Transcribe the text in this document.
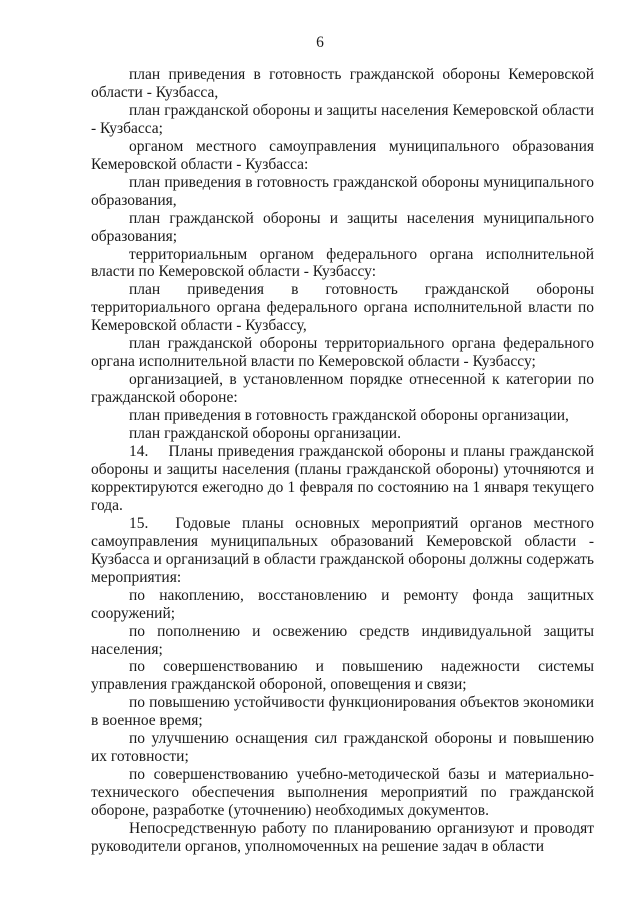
6

план приведения в готовность гражданской обороны Кемеровской области - Кузбасса,

план гражданской обороны и защиты населения Кемеровской области - Кузбасса;

органом местного самоуправления муниципального образования Кемеровской области - Кузбасса:

план приведения в готовность гражданской обороны муниципального образования,

план гражданской обороны и защиты населения муниципального образования;

территориальным органом федерального органа исполнительной власти по Кемеровской области - Кузбассу:

план приведения в готовность гражданской обороны территориального органа федерального органа исполнительной власти по Кемеровской области - Кузбассу,

план гражданской обороны территориального органа федерального органа исполнительной власти по Кемеровской области - Кузбассу;

организацией, в установленном порядке отнесенной к категории по гражданской обороне:

план приведения в готовность гражданской обороны организации,

план гражданской обороны организации.

14.  Планы приведения гражданской обороны и планы гражданской обороны и защиты населения (планы гражданской обороны) уточняются и корректируются ежегодно до 1 февраля по состоянию на 1 января текущего года.

15.  Годовые планы основных мероприятий органов местного самоуправления муниципальных образований Кемеровской области - Кузбасса и организаций в области гражданской обороны должны содержать мероприятия:

по накоплению, восстановлению и ремонту фонда защитных сооружений;

по пополнению и освежению средств индивидуальной защиты населения;

по совершенствованию и повышению надежности системы управления гражданской обороной, оповещения и связи;

по повышению устойчивости функционирования объектов экономики в военное время;

по улучшению оснащения сил гражданской обороны и повышению их готовности;

по совершенствованию учебно-методической базы и материально-технического обеспечения выполнения мероприятий по гражданской обороне, разработке (уточнению) необходимых документов.

Непосредственную работу по планированию организуют и проводят руководители органов, уполномоченных на решение задач в области
